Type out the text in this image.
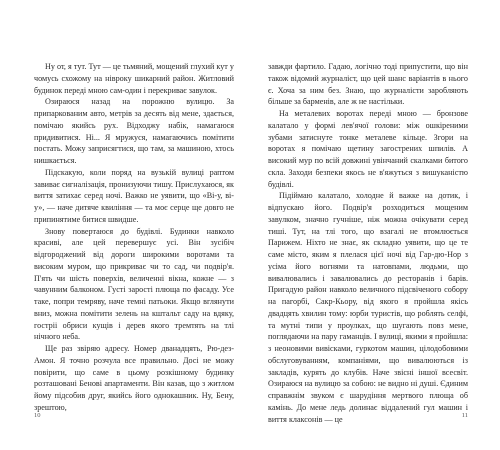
Ну от, я тут. Тут — це тьмяний, мощений глухий кут у чомусь схожому на ніврокy шикарний район. Житловий будинок переді мною сам-один і перекриває завулок.

Озираюся назад на порожню вулицю. За припаркованим авто, метрів за десять від мене, здається, помічаю якийсь рух. Відходжу набік, намагаюся придивитися. Ні... Я мружуся, намагаючись помітити постать. Можу заприсягтися, що там, за машиною, хтось нишкається.

Підскакую, коли поряд на вузькій вулиці раптом завиває сигналізація, пронизуючи тишу. Прислухаюся, як виття затихає серед ночі. Важко не уявити, що «Ві-у, ві-у», — наче дитяче квиління — та моє серце ще довго не припинятиме битися швидше.

Знову повертаюся до будівлі. Будинки навколо красиві, але цей перевершує усі. Він зусібіч відгороджений від дороги широкими воротами та високим муром, що прикриває чи то сад, чи подвір'я. П'ять чи шість поверхів, величенні вікна, кожне — з чавунним балконом. Густі заростi плюща по фасаду. Усе таке, попри темряву, наче темні патьоки. Якщо вглянути вниз, можна помітити зелень на кштальт саду на вдяку, гостріі обриси кущів і дерев якого тремтять на тлі нічного неба.

Ще раз звіряю адресу. Номер дванадцять, Рю-дез-Амон. Я точно розчула все правильно. Досі не можу повірити, що саме в цьому розкішному будинку розташовані Бенові апартаменти. Він казав, що з житлом йому підсобив друг, якийсь його однокашник. Ну, Бену, зрештою,

завжди фартило. Гадаю, логічно тоді припустити, що він також відомий журналіст, що цей шанс варіантів в нього є. Хоча за ним без. Знаю, що журналісти заробляють більше за барменів, але ж не настільки.

На металевих воротах переді мною — бронзове калатало у формі лев'ячої голови: між ошкіреними зубами затиснуте тонке металеве кільце. Згори на воротах я помічаю щетину загострених шпилів. А високий мур по всій довжині увінчаний скалками битого скла. Заходи безпеки якось не в'яжуться з вишуканістю будівлі.

Підіймаю калатало, холодне й важке на дотик, і відпускаю його. Подвір'я розходиться мощеним завулком, значно гучніше, ніж можна очікувати серед тиші. Тут, на тлі того, що взагалі не втомлюється Парижем. Ніхто не знає, як складно уявити, що це те саме місто, яким я плелася цієї ночі від Гар-дю-Нор з усіма його вогнями та натовпами, людьми, що вивалювались і завалювались до ресторанів і барів. Пригадую район навколо величного підсвіченого собору на пагорбі, Сакр-Кьору, від якого я пройшла якісь двадцять хвилин тому: юрби туристів, що роблять селфі, та мутні типи у проулках, що шугають повз мене, поглядаючи на пару гаманців. І вулиці, якими я пройшла: з неоновими вивісками, гуркотом машин, цілодобовими обслуговуванням, компаніями, що вивалюються із закладів, курять до клубів. Наче звісні іншої всесвіт. Озираюся на вулицю за собою: не видно ні душі. Єдиним справжнім звуком є шарудіння мертвого плюща об камінь. До мене ледь долинає віддалений гул машин і виття клаксонів — це

10	11
